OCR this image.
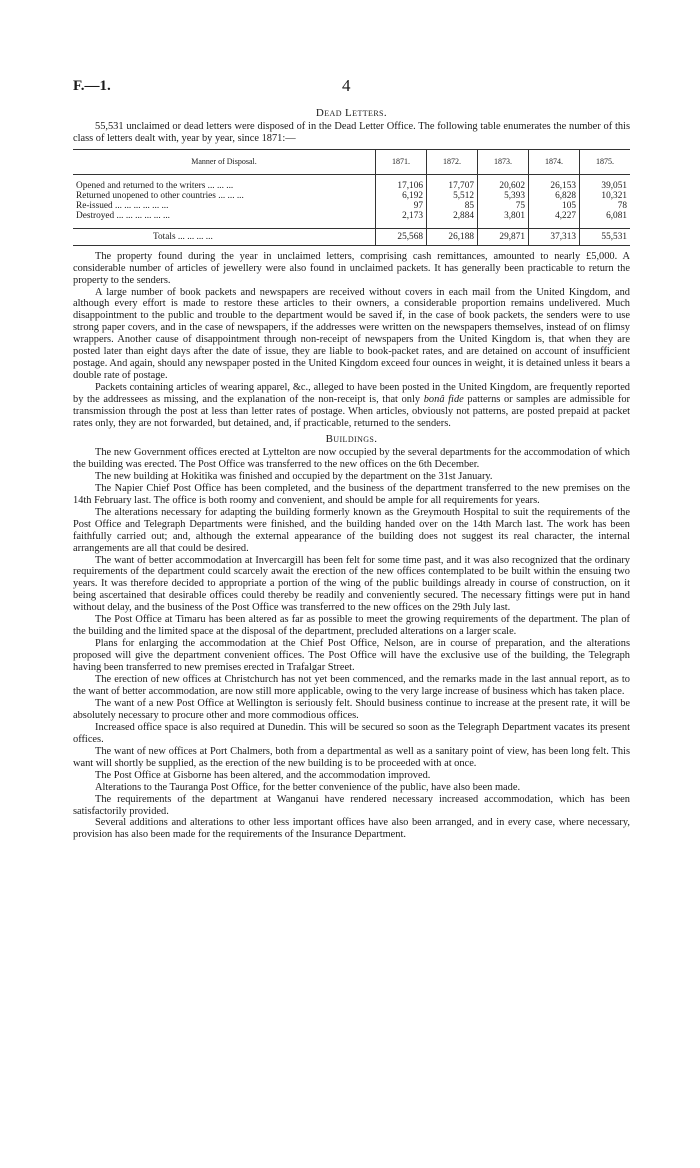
F.—1.	4
Dead Letters.

55,531 unclaimed or dead letters were disposed of in the Dead Letter Office. The following table enumerates the number of this class of letters dealt with, year by year, since 1871:—

Manner of Disposal.	1871.	1872.	1873.	1874.	1875.

Opened and returned to the writers ... ... ...	17,106	17,707	20,602	26,153	39,051
Returned unopened to other countries ... ... ...	6,192	5,512	5,393	6,828	10,321
Re-issued ... ... ... ... ... ...	97	85	75	105	78
Destroyed ... ... ... ... ... ...	2,173	2,884	3,801	4,227	6,081

Totals ... ... ... ...	25,568	26,188	29,871	37,313	55,531

The property found during the year in unclaimed letters, comprising cash remittances, amounted to nearly £5,000. A considerable number of articles of jewellery were also found in unclaimed packets. It has generally been practicable to return the property to the senders.

A large number of book packets and newspapers are received without covers in each mail from the United Kingdom, and although every effort is made to restore these articles to their owners, a considerable proportion remains undelivered. Much disappointment to the public and trouble to the department would be saved if, in the case of book packets, the senders were to use strong paper covers, and in the case of newspapers, if the addresses were written on the newspapers themselves, instead of on flimsy wrappers. Another cause of disappointment through non-receipt of newspapers from the United Kingdom is, that when they are posted later than eight days after the date of issue, they are liable to book-packet rates, and are detained on account of insufficient postage. And again, should any newspaper posted in the United Kingdom exceed four ounces in weight, it is detained unless it bears a double rate of postage.

Packets containing articles of wearing apparel, &c., alleged to have been posted in the United Kingdom, are frequently reported by the addressees as missing, and the explanation of the non-receipt is, that only bonâ fide patterns or samples are admissible for transmission through the post at less than letter rates of postage. When articles, obviously not patterns, are posted prepaid at packet rates only, they are not forwarded, but detained, and, if practicable, returned to the senders.

Buildings.

The new Government offices erected at Lyttelton are now occupied by the several departments for the accommodation of which the building was erected. The Post Office was transferred to the new offices on the 6th December.

The new building at Hokitika was finished and occupied by the department on the 31st January.

The Napier Chief Post Office has been completed, and the business of the department transferred to the new premises on the 14th February last. The office is both roomy and convenient, and should be ample for all requirements for years.

The alterations necessary for adapting the building formerly known as the Greymouth Hospital to suit the requirements of the Post Office and Telegraph Departments were finished, and the building handed over on the 14th March last. The work has been faithfully carried out; and, although the external appearance of the building does not suggest its real character, the internal arrangements are all that could be desired.

The want of better accommodation at Invercargill has been felt for some time past, and it was also recognized that the ordinary requirements of the department could scarcely await the erection of the new offices contemplated to be built within the ensuing two years. It was therefore decided to appropriate a portion of the wing of the public buildings already in course of construction, on it being ascertained that desirable offices could thereby be readily and conveniently secured. The necessary fittings were put in hand without delay, and the business of the Post Office was transferred to the new offices on the 29th July last.

The Post Office at Timaru has been altered as far as possible to meet the growing requirements of the department. The plan of the building and the limited space at the disposal of the department, precluded alterations on a larger scale.

Plans for enlarging the accommodation at the Chief Post Office, Nelson, are in course of preparation, and the alterations proposed will give the department convenient offices. The Post Office will have the exclusive use of the building, the Telegraph having been transferred to new premises erected in Trafalgar Street.

The erection of new offices at Christchurch has not yet been commenced, and the remarks made in the last annual report, as to the want of better accommodation, are now still more applicable, owing to the very large increase of business which has taken place.

The want of a new Post Office at Wellington is seriously felt. Should business continue to increase at the present rate, it will be absolutely necessary to procure other and more commodious offices.

Increased office space is also required at Dunedin. This will be secured so soon as the Telegraph Department vacates its present offices.

The want of new offices at Port Chalmers, both from a departmental as well as a sanitary point of view, has been long felt. This want will shortly be supplied, as the erection of the new building is to be proceeded with at once.

The Post Office at Gisborne has been altered, and the accommodation improved.

Alterations to the Tauranga Post Office, for the better convenience of the public, have also been made.

The requirements of the department at Wanganui have rendered necessary increased accommodation, which has been satisfactorily provided.

Several additions and alterations to other less important offices have also been arranged, and in every case, where necessary, provision has also been made for the requirements of the Insurance Department.
